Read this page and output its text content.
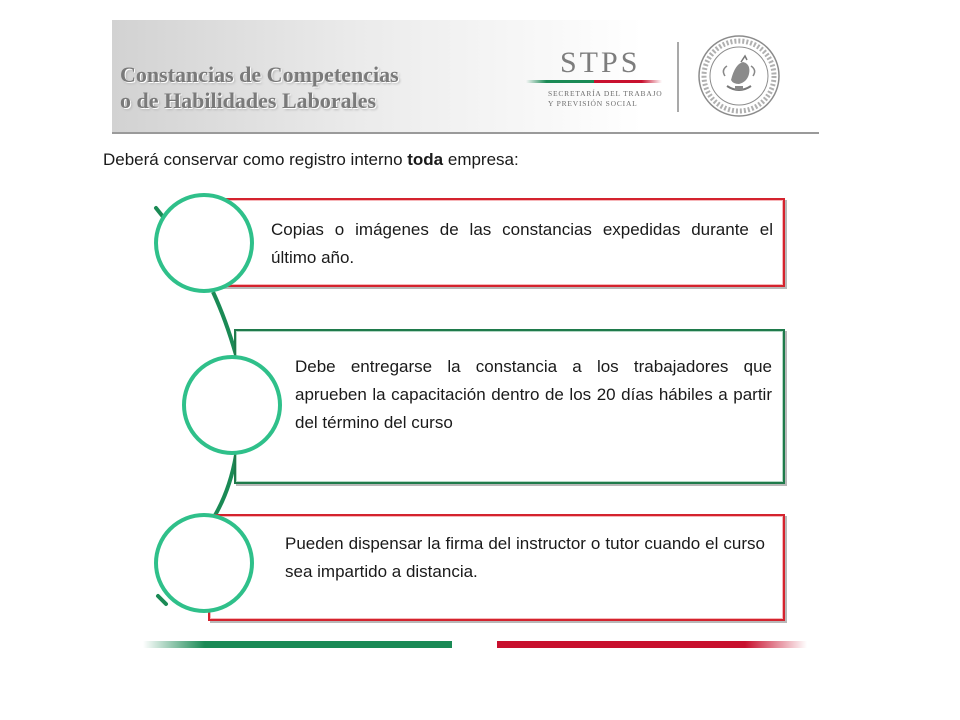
Constancias de Competencias
o de Habilidades Laborales
STPS
SECRETARÍA DEL TRABAJO
Y PREVISIÓN SOCIAL

Deberá conservar como registro interno toda empresa:

Copias o imágenes de las constancias expedidas durante el último año.

Debe entregarse la constancia a los trabajadores que aprueben la capacitación dentro de los 20 días hábiles a partir del término del curso

Pueden dispensar la firma del instructor o tutor cuando el curso sea impartido a distancia.
